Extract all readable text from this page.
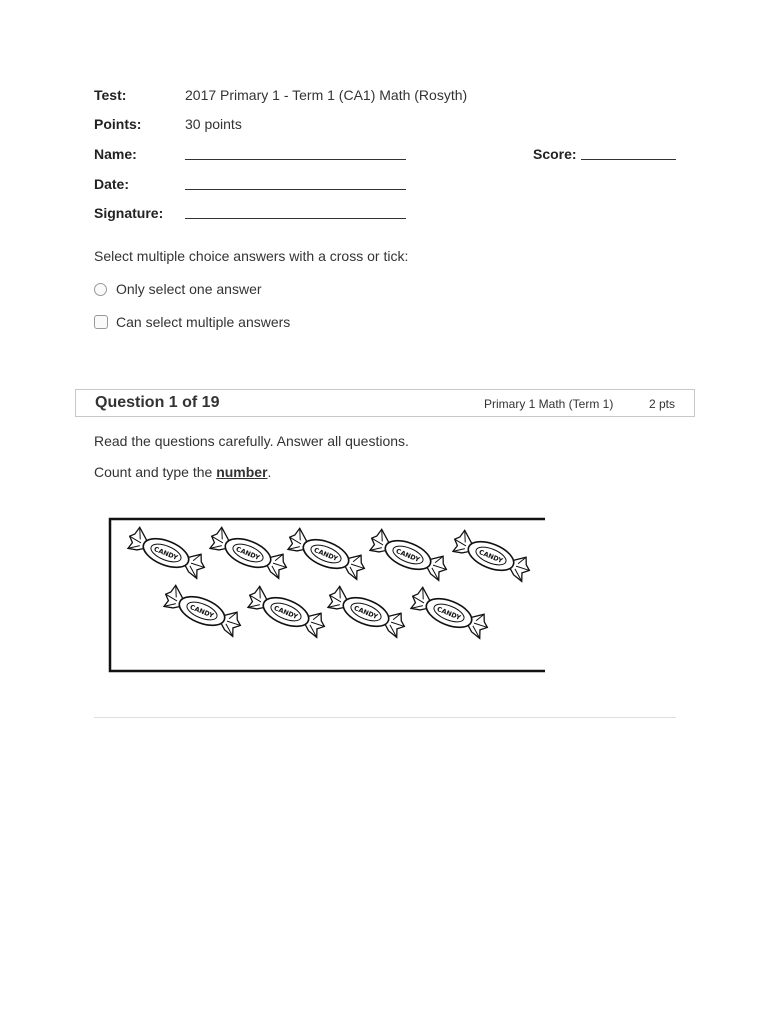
Test:	2017 Primary 1 - Term 1 (CA1) Math (Rosyth)
Points:	30 points
Name:	Score:
Date:
Signature:
Select multiple choice answers with a cross or tick:
Only select one answer
Can select multiple answers
Question 1 of 19	Primary 1 Math (Term 1)	2 pts
Read the questions carefully. Answer all questions.
Count and type the number.
CANDY	CANDY	CANDY	CANDY	CANDY
CANDY	CANDY	CANDY	CANDY
